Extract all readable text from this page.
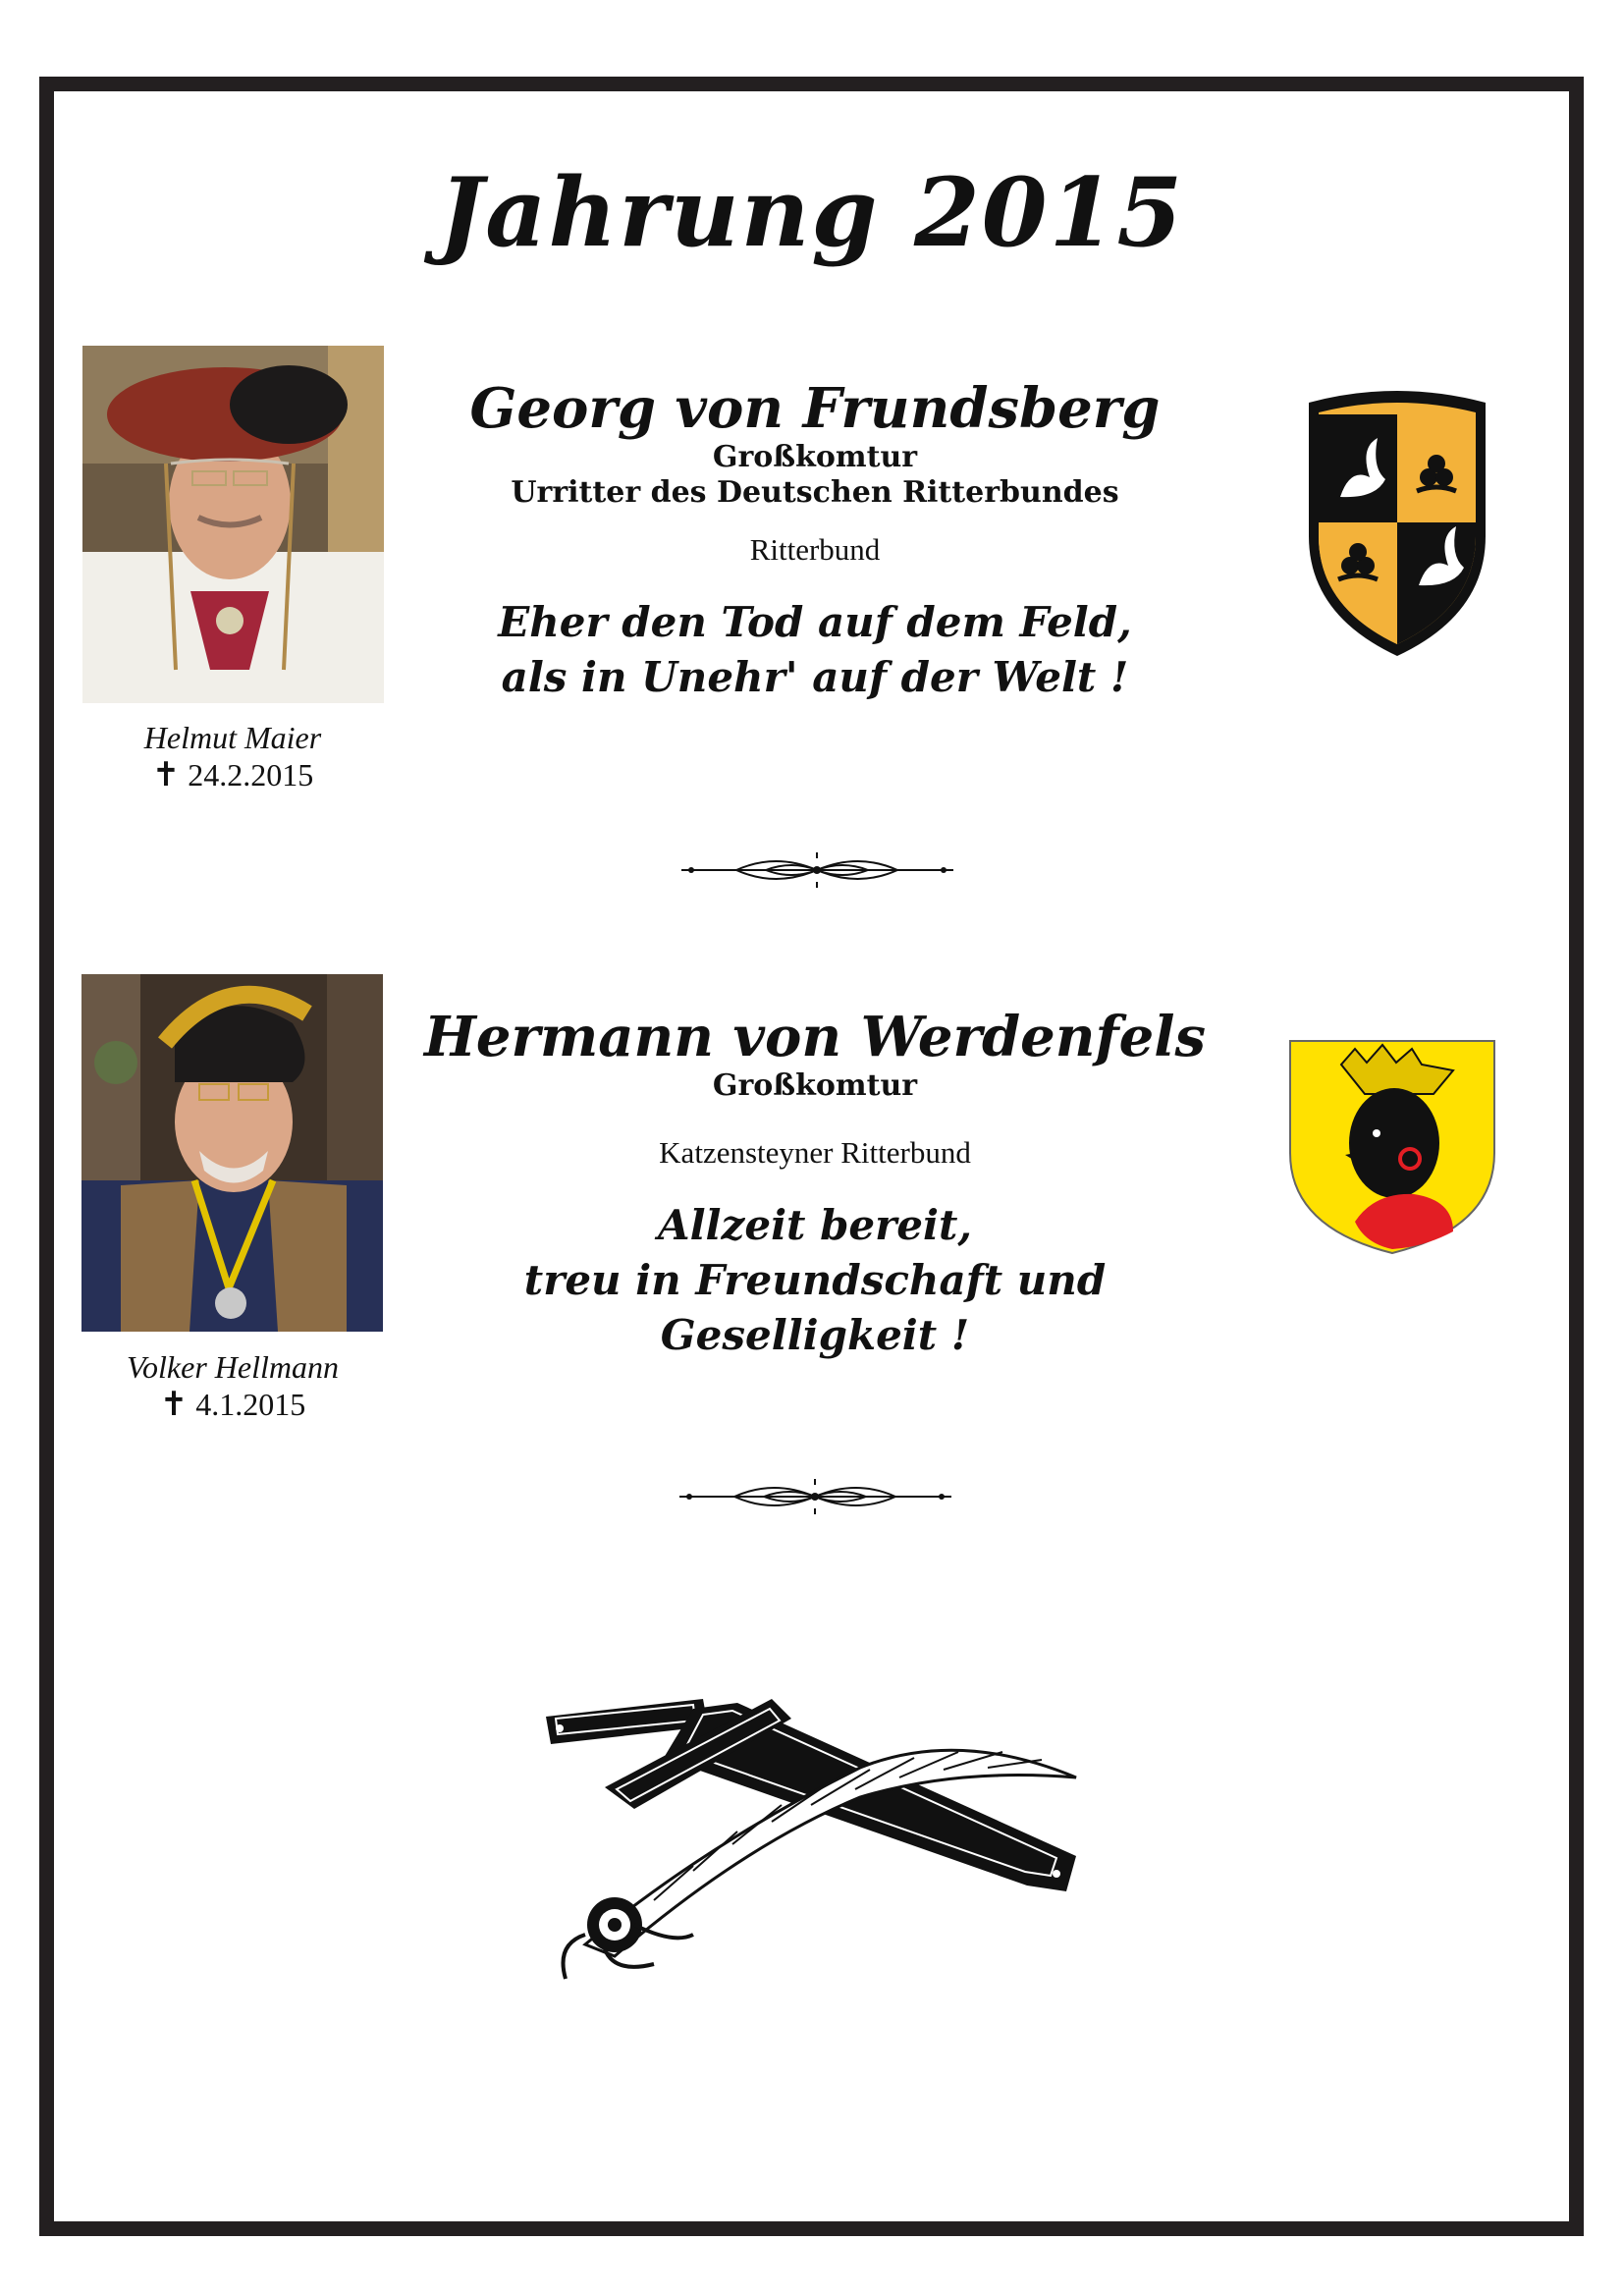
Jahrung 2015
Helmut Maier
✝ 24.2.2015
Georg von Frundsberg
Großkomtur
Urritter des Deutschen Ritterbundes
Ritterbund
Eher den Tod auf dem Feld,
als in Unehr' auf der Welt !
Volker Hellmann
✝ 4.1.2015
Hermann von Werdenfels
Großkomtur
Katzensteyner Ritterbund
Allzeit bereit,
treu in Freundschaft und Geselligkeit !
